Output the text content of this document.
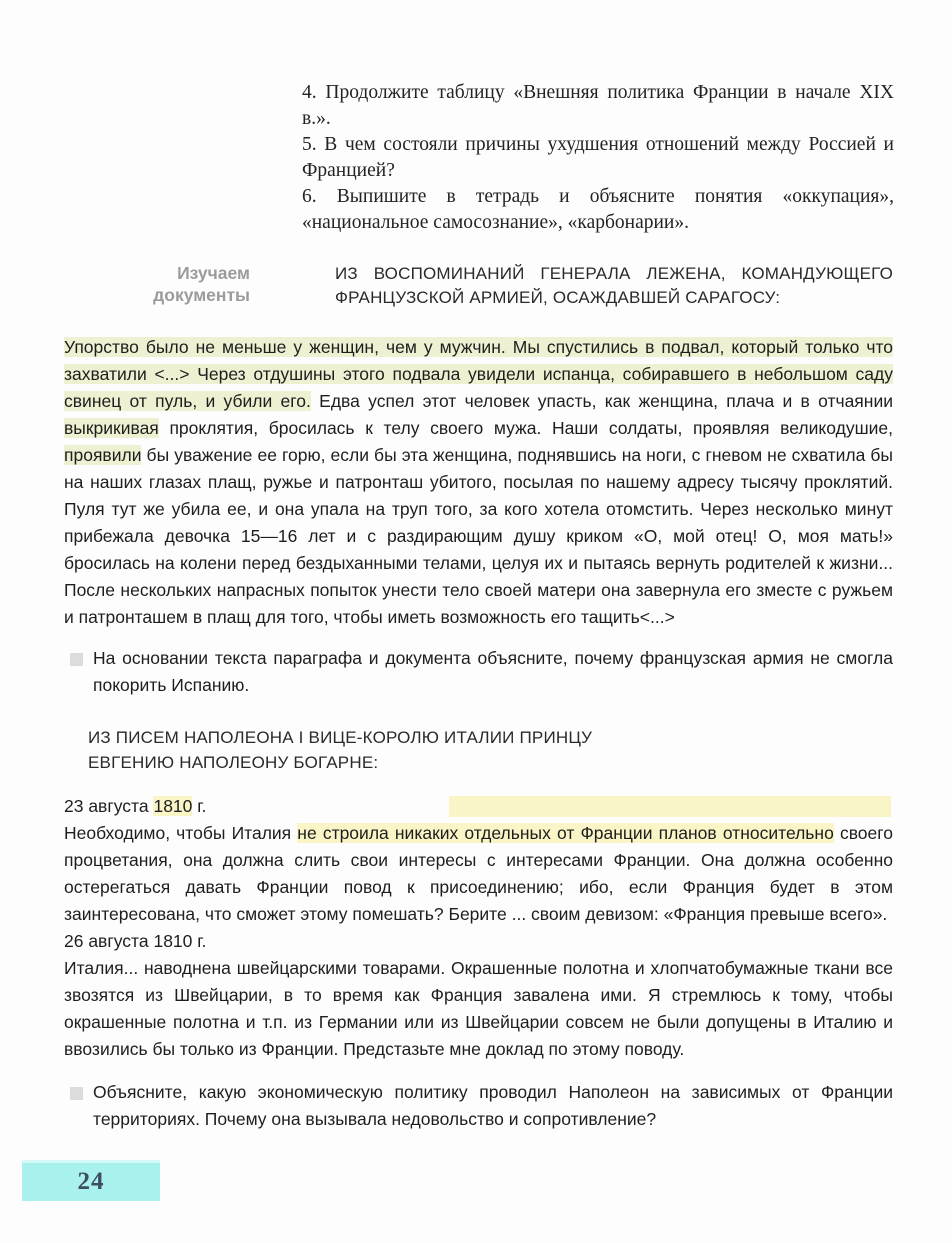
4. Продолжите таблицу «Внешняя политика Франции в начале XIX в.».

5. В чем состояли причины ухудшения отношений между Россией и Францией?

6. Выпишите в тетрадь и объясните понятия «оккупация», «национальное самосознание», «карбонарии».

Изучаем
документы
ИЗ ВОСПОМИНАНИЙ ГЕНЕРАЛА ЛЕЖЕНА, КОМАНДУЮЩЕГО ФРАНЦУЗСКОЙ АРМИЕЙ, ОСАЖДАВШЕЙ САРАГОСУ:

Упорство было не меньше у женщин, чем у мужчин. Мы спустились в подвал, который только что захватили <...> Через отдушины этого подвала увидели испанца, собиравшего в небольшом саду свинец от пуль, и убили его. Едва успел этот человек упасть, как женщина, плача и в отчаянии выкрикивая проклятия, бросилась к телу своего мужа. Наши солдаты, проявляя великодушие, проявили бы уважение ее горю, если бы эта женщина, поднявшись на ноги, с гневом не схватила бы на наших глазах плащ, ружье и патронташ убитого, посылая по нашему адресу тысячу проклятий. Пуля тут же убила ее, и она упала на труп того, за кого хотела отомстить. Через несколько минут прибежала девочка 15—16 лет и с раздирающим душу криком «О, мой отец! О, моя мать!» бросилась на колени перед бездыханными телами, целуя их и пытаясь вернуть родителей к жизни... После нескольких напрасных попыток унести тело своей матери она завернула его зместе с ружьем и патронташем в плащ для того, чтобы иметь возможность его тащить<...>

На основании текста параграфа и документа объясните, почему французская армия не смогла покорить Испанию.

ИЗ ПИСЕМ НАПОЛЕОНА I ВИЦЕ-КОРОЛЮ ИТАЛИИ ПРИНЦУ
ЕВГЕНИЮ НАПОЛЕОНУ БОГАРНЕ:
23 августа 1810 г.

Необходимо, чтобы Италия не строила никаких отдельных от Франции планов относительно своего процветания, она должна слить свои интересы с интересами Франции. Она должна особенно остерегаться давать Франции повод к присоединению; ибо, если Франция будет в этом заинтересована, что сможет этому помешать? Берите ... своим девизом: «Франция превыше всего».

26 августа 1810 г.

Италия... наводнена швейцарскими товарами. Окрашенные полотна и хлопчатобумажные ткани все звозятся из Швейцарии, в то время как Франция завалена ими. Я стремлюсь к тому, чтобы окрашенные полотна и т.п. из Германии или из Швейцарии совсем не были допущены в Италию и ввозились бы только из Франции. Предстазьте мне доклад по этому поводу.

Объясните, какую экономическую политику проводил Наполеон на зависимых от Франции территориях. Почему она вызывала недовольство и сопротивление?

24
